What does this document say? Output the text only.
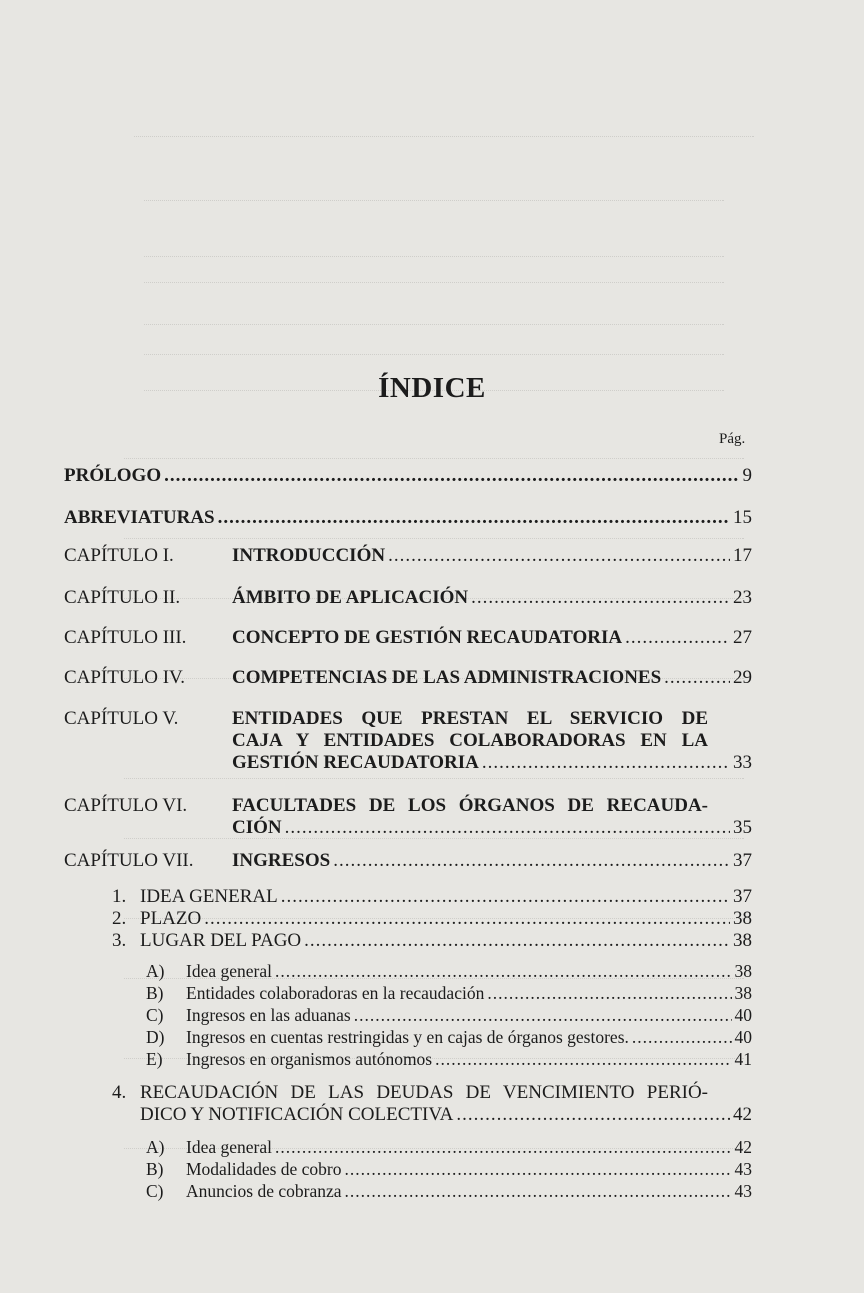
ÍNDICE
Pág.
PRÓLOGO .....	9
ABREVIATURAS .....	15
CAPÍTULO I.	INTRODUCCIÓN .....	17
CAPÍTULO II.	ÁMBITO DE APLICACIÓN .....	23
CAPÍTULO III. CONCEPTO DE GESTIÓN RECAUDATORIA .....	27
CAPÍTULO IV. COMPETENCIAS DE LAS ADMINISTRACIONES .....	29
CAPÍTULO V.	ENTIDADES QUE PRESTAN EL SERVICIO DE
CAJA Y ENTIDADES COLABORADORAS EN LA
GESTIÓN RECAUDATORIA .....	33
CAPÍTULO VI. FACULTADES DE LOS ÓRGANOS DE RECAUDA-
CIÓN .....	35
CAPÍTULO VII. INGRESOS .....	37
1. IDEA GENERAL .....	37
2. PLAZO .....	38
3. LUGAR DEL PAGO .....	38
A) Idea general .....	38
B) Entidades colaboradoras en la recaudación .....	38
C) Ingresos en las aduanas .....	40
D) Ingresos en cuentas restringidas y en cajas de órganos gestores. .....	40
E) Ingresos en organismos autónomos .....	41
4. RECAUDACIÓN DE LAS DEUDAS DE VENCIMIENTO PERIÓ-
DICO Y NOTIFICACIÓN COLECTIVA .....	42
A) Idea general .....	42
B) Modalidades de cobro .....	43
C) Anuncios de cobranza .....	43
